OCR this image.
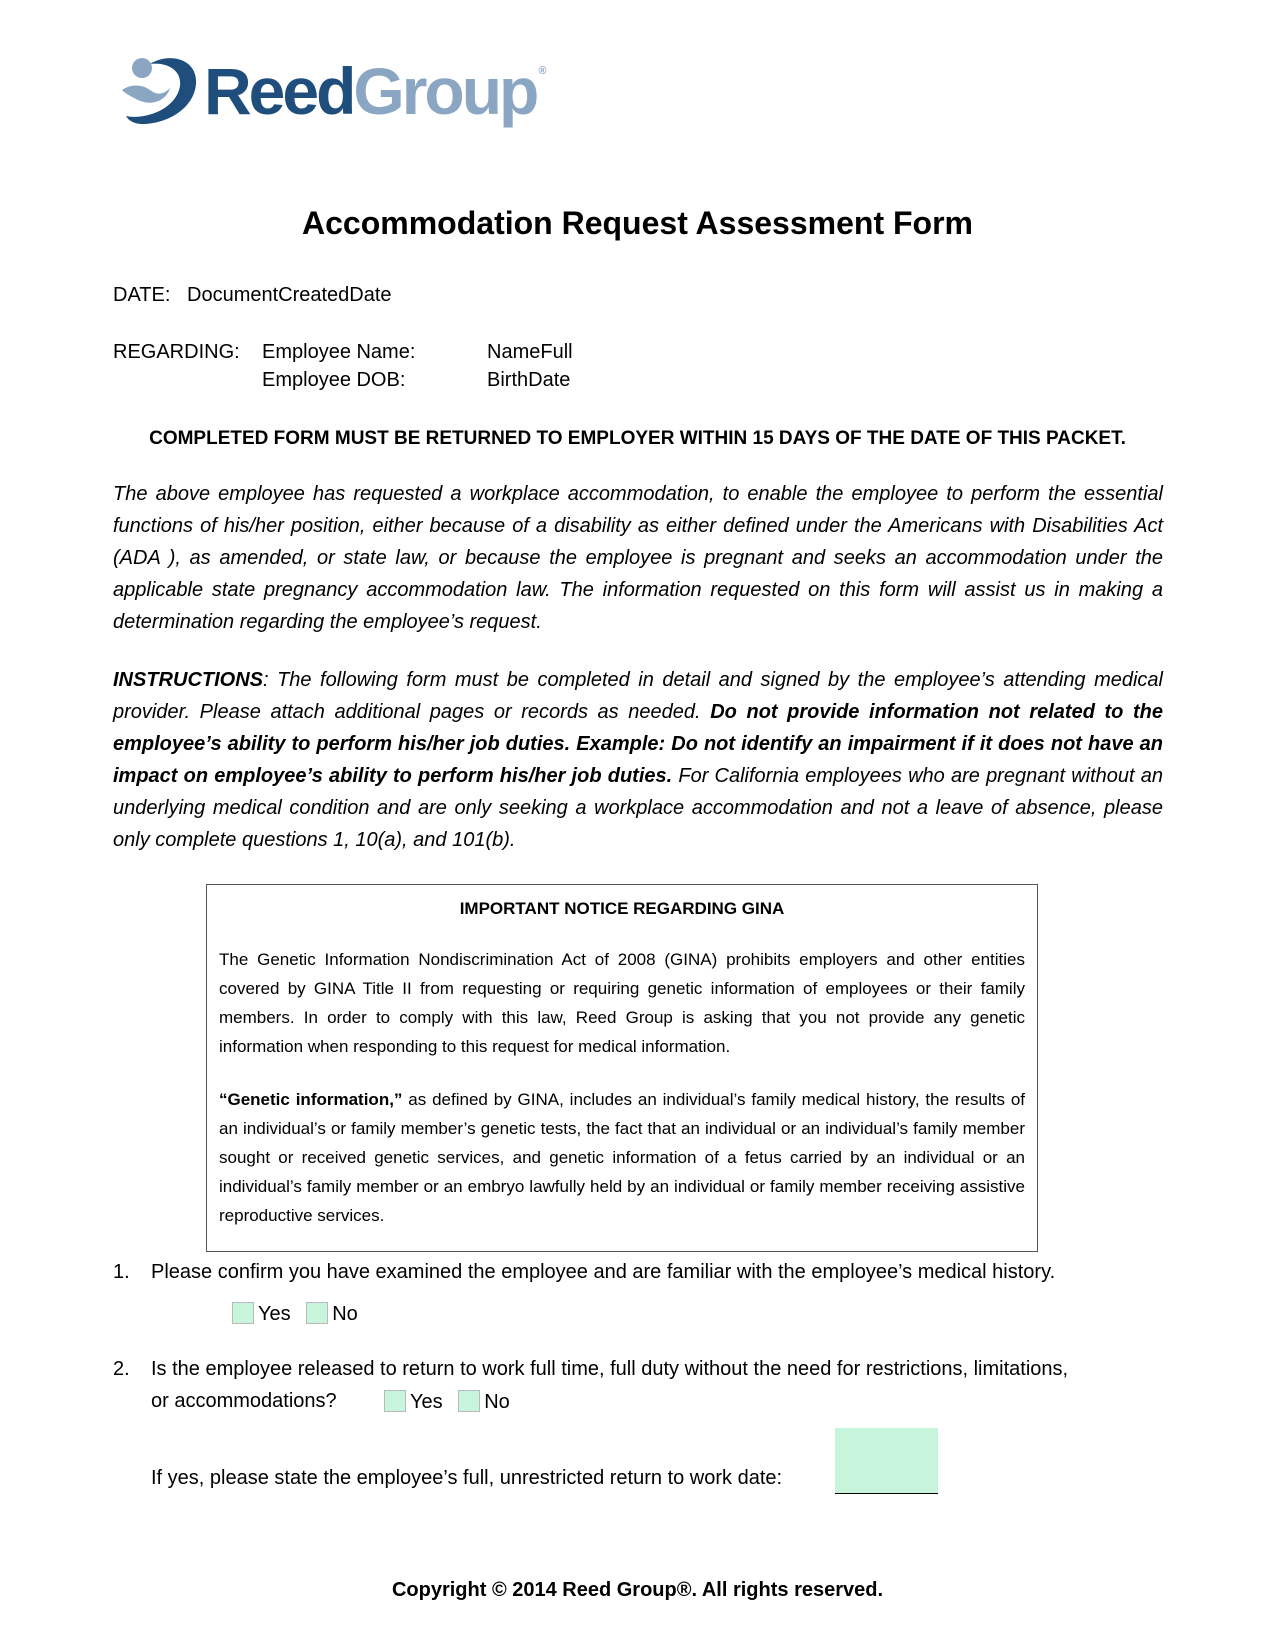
ReedGroup ®
Accommodation Request Assessment Form
DATE: DocumentCreatedDate
REGARDING: Employee Name:	NameFull
Employee DOB:	BirthDate
COMPLETED FORM MUST BE RETURNED TO EMPLOYER WITHIN 15 DAYS OF THE DATE OF THIS PACKET.
The above employee has requested a workplace accommodation, to enable the employee to perform the essential functions of his/her position, either because of a disability as either defined under the Americans with Disabilities Act (ADA ), as amended, or state law, or because the employee is pregnant and seeks an accommodation under the applicable state pregnancy accommodation law. The information requested on this form will assist us in making a determination regarding the employee’s request.
INSTRUCTIONS: The following form must be completed in detail and signed by the employee’s attending medical provider. Please attach additional pages or records as needed. Do not provide information not related to the employee’s ability to perform his/her job duties. Example: Do not identify an impairment if it does not have an impact on employee’s ability to perform his/her job duties. For California employees who are pregnant without an underlying medical condition and are only seeking a workplace accommodation and not a leave of absence, please only complete questions 1, 10(a), and 101(b).
IMPORTANT NOTICE REGARDING GINA

The Genetic Information Nondiscrimination Act of 2008 (GINA) prohibits employers and other entities covered by GINA Title II from requesting or requiring genetic information of employees or their family members. In order to comply with this law, Reed Group is asking that you not provide any genetic information when responding to this request for medical information.

“Genetic information,” as defined by GINA, includes an individual’s family medical history, the results of an individual’s or family member’s genetic tests, the fact that an individual or an individual’s family member sought or received genetic services, and genetic information of a fetus carried by an individual or an individual’s family member or an embryo lawfully held by an individual or family member receiving assistive reproductive services.

1. Please confirm you have examined the employee and are familiar with the employee’s medical history.
Yes No
2. Is the employee released to return to work full time, full duty without the need for restrictions, limitations,
or accommodations?	Yes No
If yes, please state the employee’s full, unrestricted return to work date:
Copyright © 2014 Reed Group®. All rights reserved.
